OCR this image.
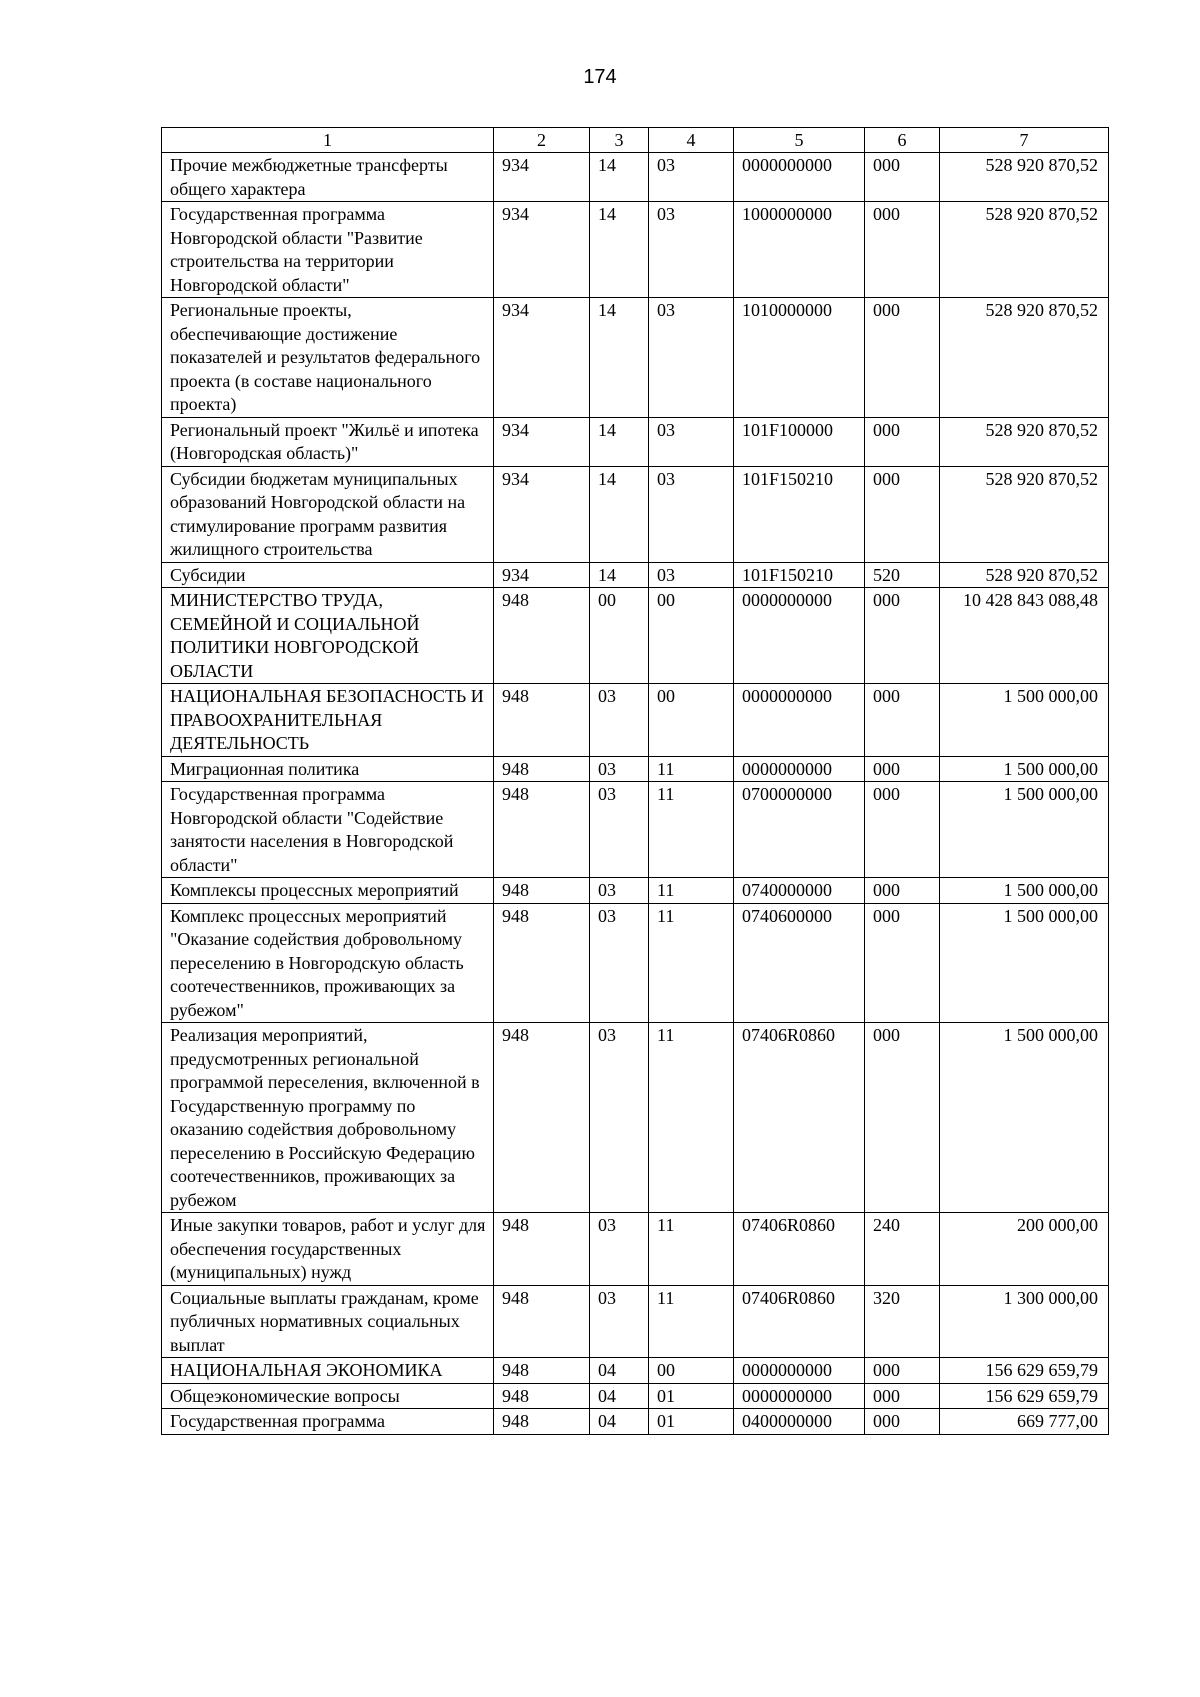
174
1	2	3	4	5	6	7
Прочие межбюджетные трансферты общего характера	934	14	03	0000000000	000	528 920 870,52
Государственная программа Новгородской области "Развитие строительства на территории Новгородской области"	934	14	03	1000000000	000	528 920 870,52
Региональные проекты, обеспечивающие достижение показателей и результатов федерального проекта (в составе национального проекта)	934	14	03	1010000000	000	528 920 870,52
Региональный проект "Жильё и ипотека (Новгородская область)"	934	14	03	101F100000	000	528 920 870,52
Субсидии бюджетам муниципальных образований Новгородской области на стимулирование программ развития жилищного строительства	934	14	03	101F150210	000	528 920 870,52
Субсидии	934	14	03	101F150210	520	528 920 870,52
МИНИСТЕРСТВО ТРУДА, СЕМЕЙНОЙ И СОЦИАЛЬНОЙ ПОЛИТИКИ НОВГОРОДСКОЙ ОБЛАСТИ	948	00	00	0000000000	000	10 428 843 088,48
НАЦИОНАЛЬНАЯ БЕЗОПАСНОСТЬ И ПРАВООХРАНИТЕЛЬНАЯ ДЕЯТЕЛЬНОСТЬ	948	03	00	0000000000	000	1 500 000,00
Миграционная политика	948	03	11	0000000000	000	1 500 000,00
Государственная программа Новгородской области "Содействие занятости населения в Новгородской области"	948	03	11	0700000000	000	1 500 000,00
Комплексы процессных мероприятий	948	03	11	0740000000	000	1 500 000,00
Комплекс процессных мероприятий "Оказание содействия добровольному переселению в Новгородскую область соотечественников, проживающих за рубежом"	948	03	11	0740600000	000	1 500 000,00
Реализация мероприятий, предусмотренных региональной программой переселения, включенной в Государственную программу по оказанию содействия добровольному переселению в Российскую Федерацию соотечественников, проживающих за рубежом	948	03	11	07406R0860	000	1 500 000,00
Иные закупки товаров, работ и услуг для обеспечения государственных (муниципальных) нужд	948	03	11	07406R0860	240	200 000,00
Социальные выплаты гражданам, кроме публичных нормативных социальных выплат	948	03	11	07406R0860	320	1 300 000,00
НАЦИОНАЛЬНАЯ ЭКОНОМИКА	948	04	00	0000000000	000	156 629 659,79
Общеэкономические вопросы	948	04	01	0000000000	000	156 629 659,79
Государственная программа	948	04	01	0400000000	000	669 777,00
